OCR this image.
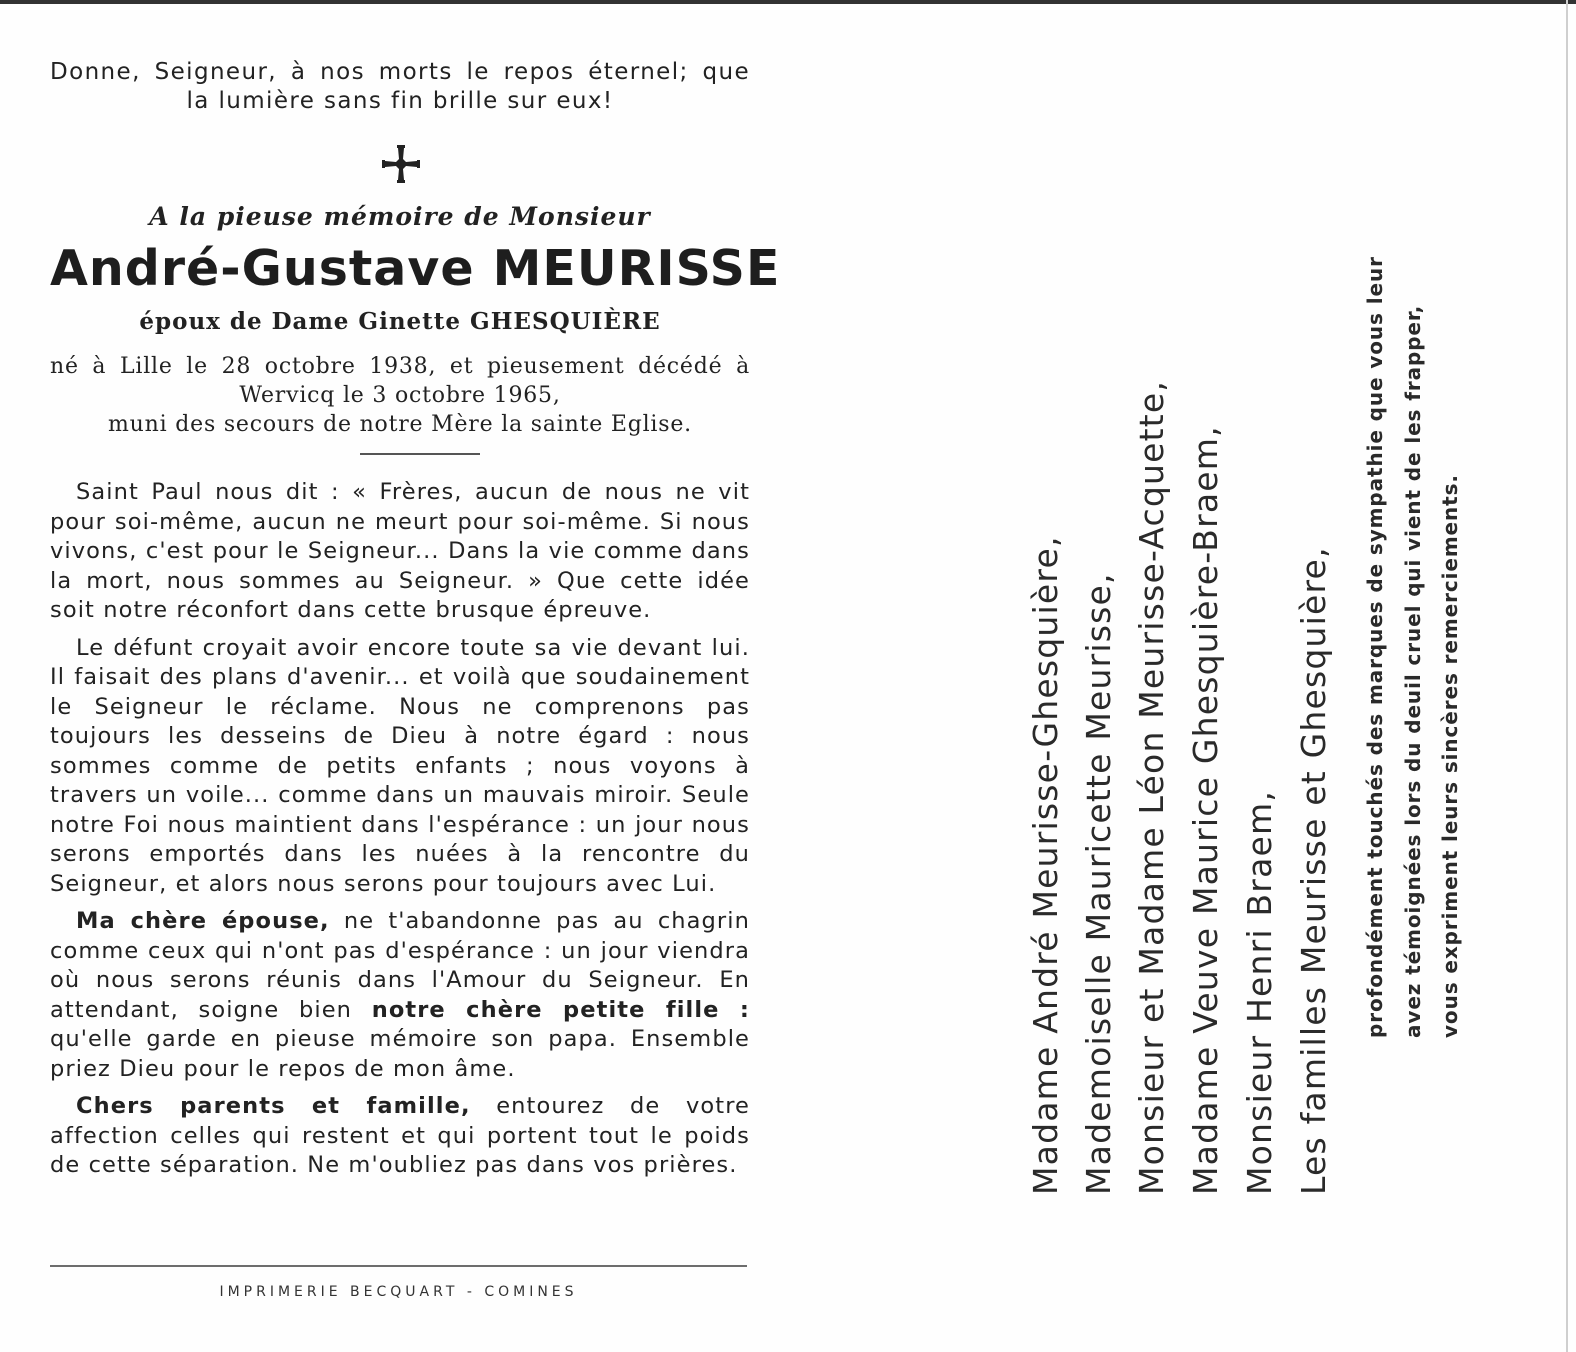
Donne, Seigneur, à nos morts le repos éternel; que
la lumière sans fin brille sur eux!
A la pieuse mémoire de Monsieur
André-Gustave MEURISSE
époux de Dame Ginette GHESQUIÈRE
né à Lille le 28 octobre 1938, et pieusement décédé à
Wervicq le 3 octobre 1965,
muni des secours de notre Mère la sainte Eglise.

Saint Paul nous dit : « Frères, aucun de nous ne vit pour soi-même, aucun ne meurt pour soi-même. Si nous vivons, c'est pour le Seigneur... Dans la vie comme dans la mort, nous sommes au Seigneur. » Que cette idée soit notre réconfort dans cette brusque épreuve.

Le défunt croyait avoir encore toute sa vie devant lui. Il faisait des plans d'avenir... et voilà que soudainement le Seigneur le réclame. Nous ne comprenons pas toujours les desseins de Dieu à notre égard : nous sommes comme de petits enfants ; nous voyons à travers un voile... comme dans un mauvais miroir. Seule notre Foi nous maintient dans l'espérance : un jour nous serons emportés dans les nuées à la rencontre du Seigneur, et alors nous serons pour toujours avec Lui.

Ma chère épouse, ne t'abandonne pas au chagrin comme ceux qui n'ont pas d'espérance : un jour viendra où nous serons réunis dans l'Amour du Seigneur. En attendant, soigne bien notre chère petite fille : qu'elle garde en pieuse mémoire son papa. Ensemble priez Dieu pour le repos de mon âme.

Chers parents et famille, entourez de votre affection celles qui restent et qui portent tout le poids de cette séparation. Ne m'oubliez pas dans vos prières.

IMPRIMERIE BECQUART - COMINES
Madame André Meurisse-Ghesquière, Mademoiselle Mauricette Meurisse, Monsieur et Madame Léon Meurisse-Acquette, Madame Veuve Maurice Ghesquière-Braem, Monsieur Henri Braem, Les familles Meurisse et Ghesquière, profondément touchés des marques de sympathie que vous leur avez témoignées lors du deuil cruel qui vient de les frapper, vous expriment leurs sincères remerciements.
